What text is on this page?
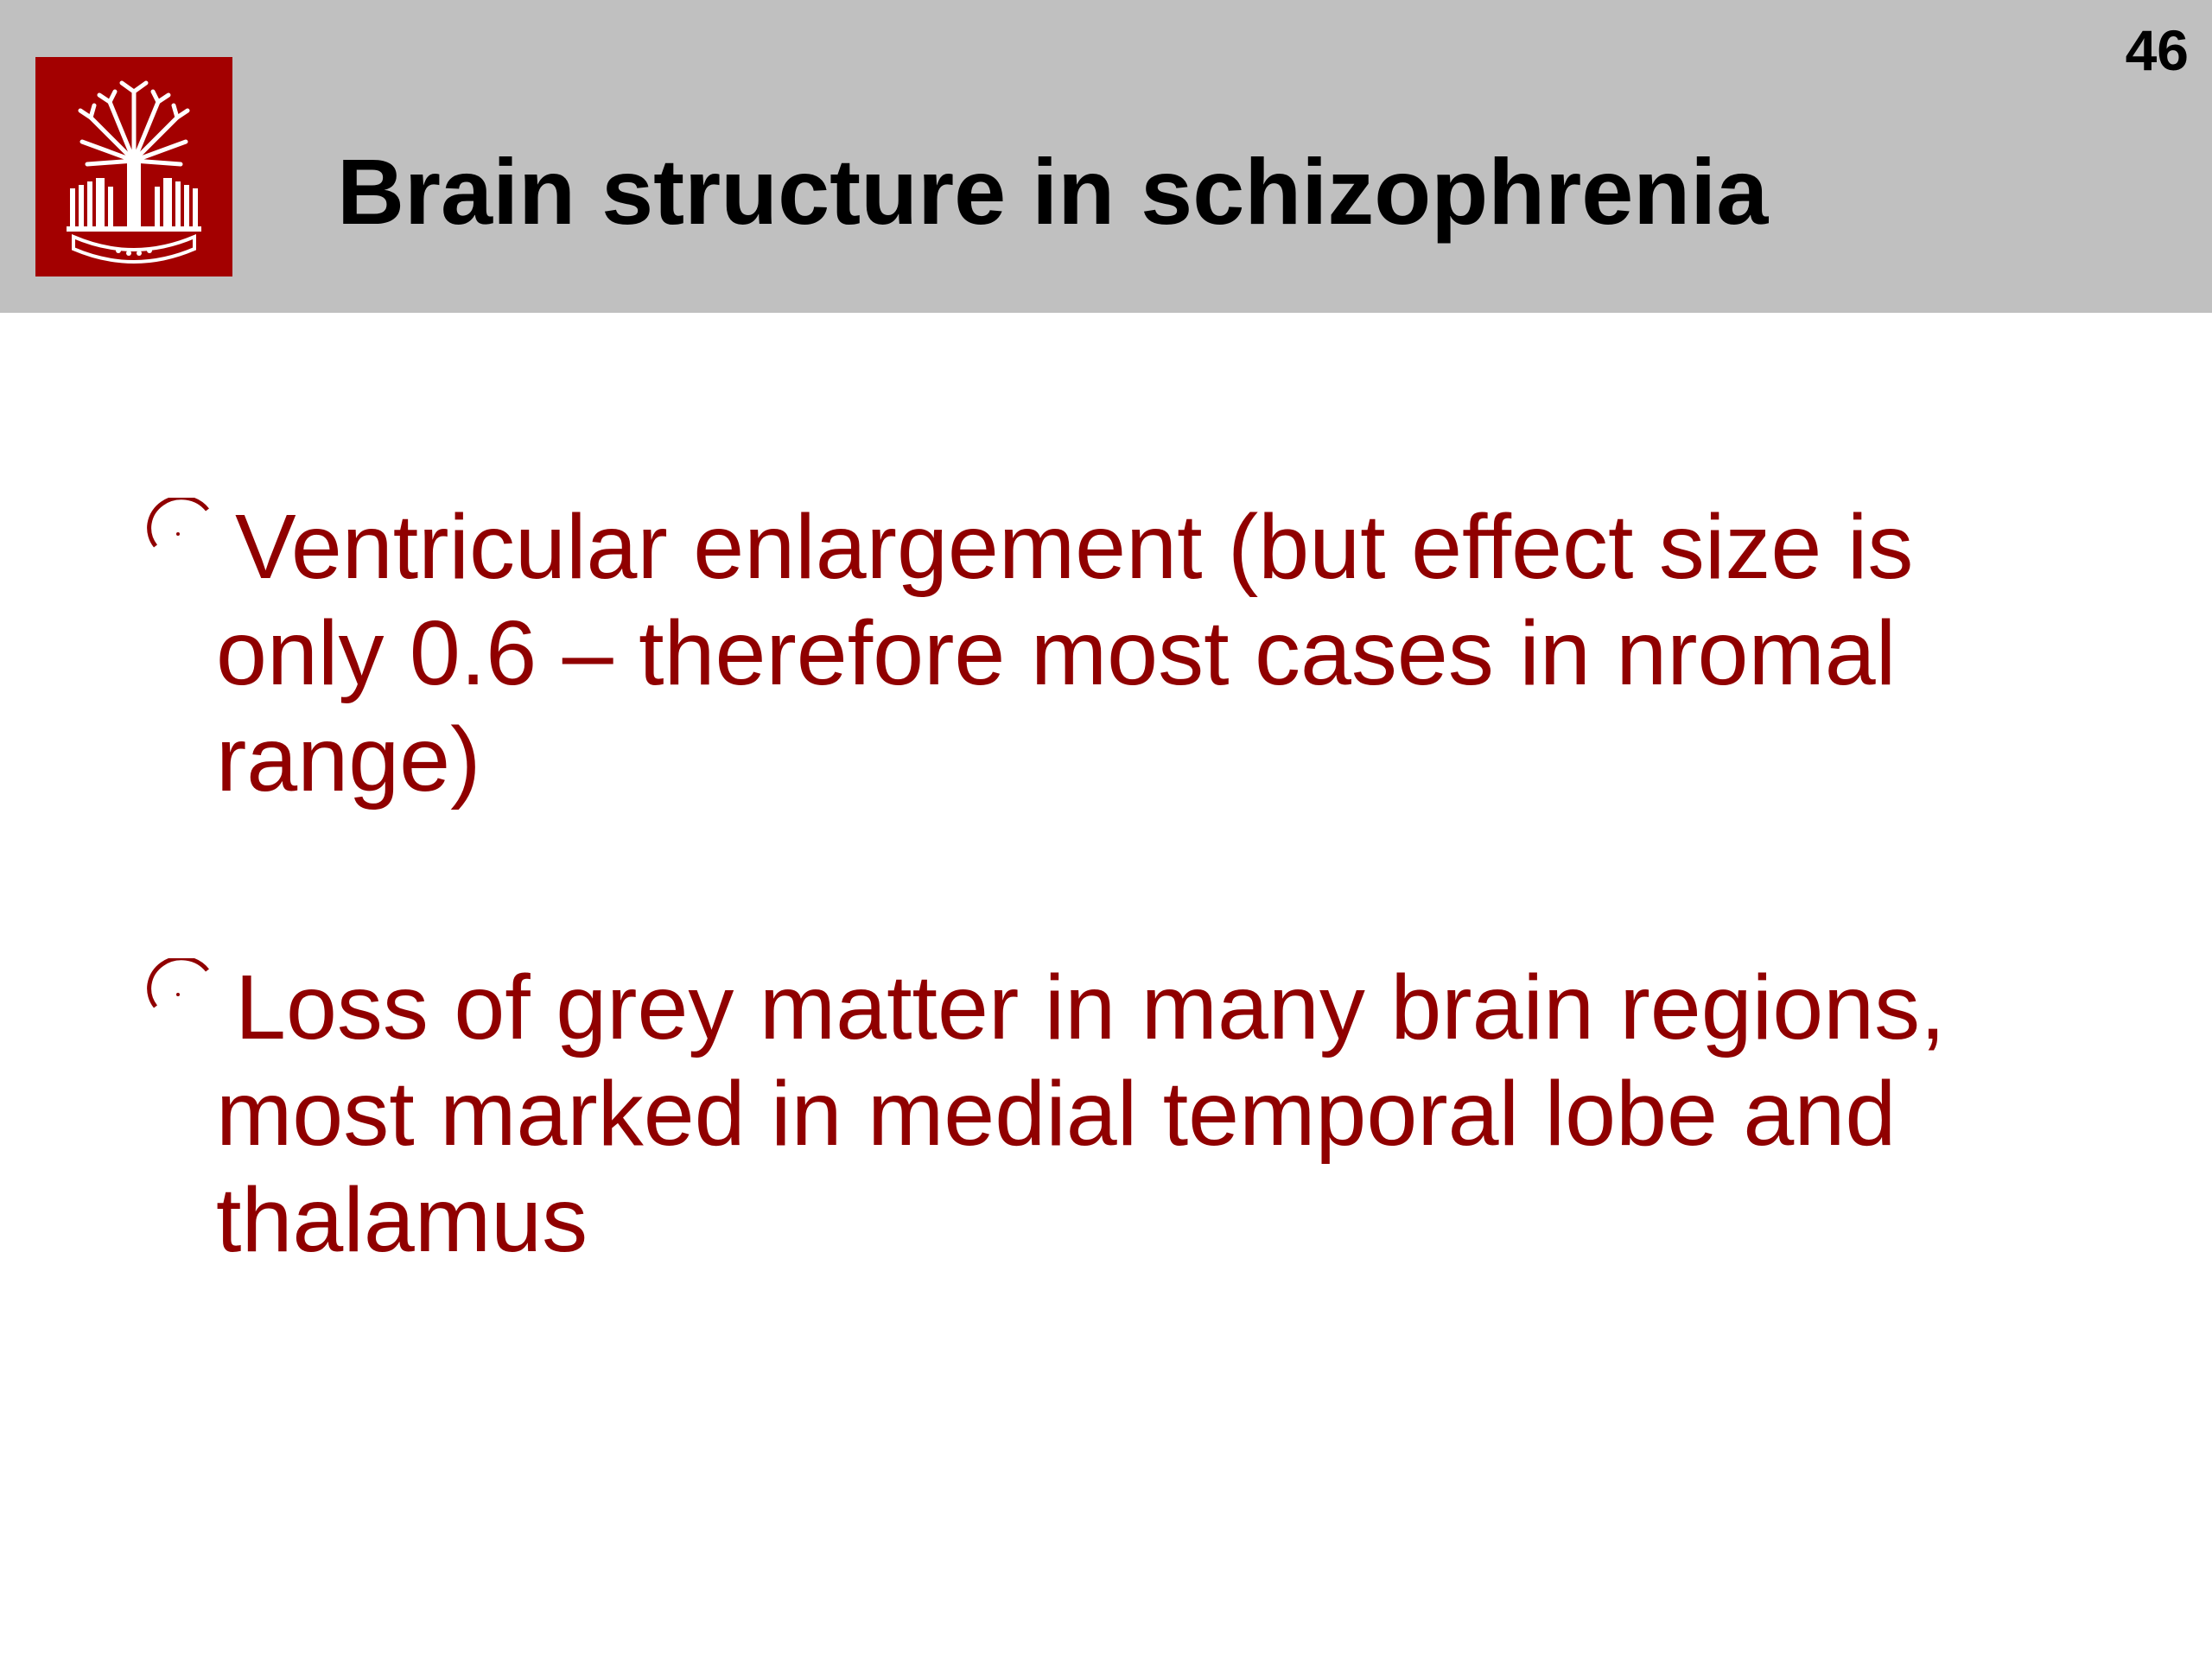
Brain structure in schizophrenia
46
Ventricular enlargement (but effect size is only 0.6 – therefore most cases in nromal range)
Loss of grey matter in many brain regions, most marked in medial temporal lobe and thalamus
